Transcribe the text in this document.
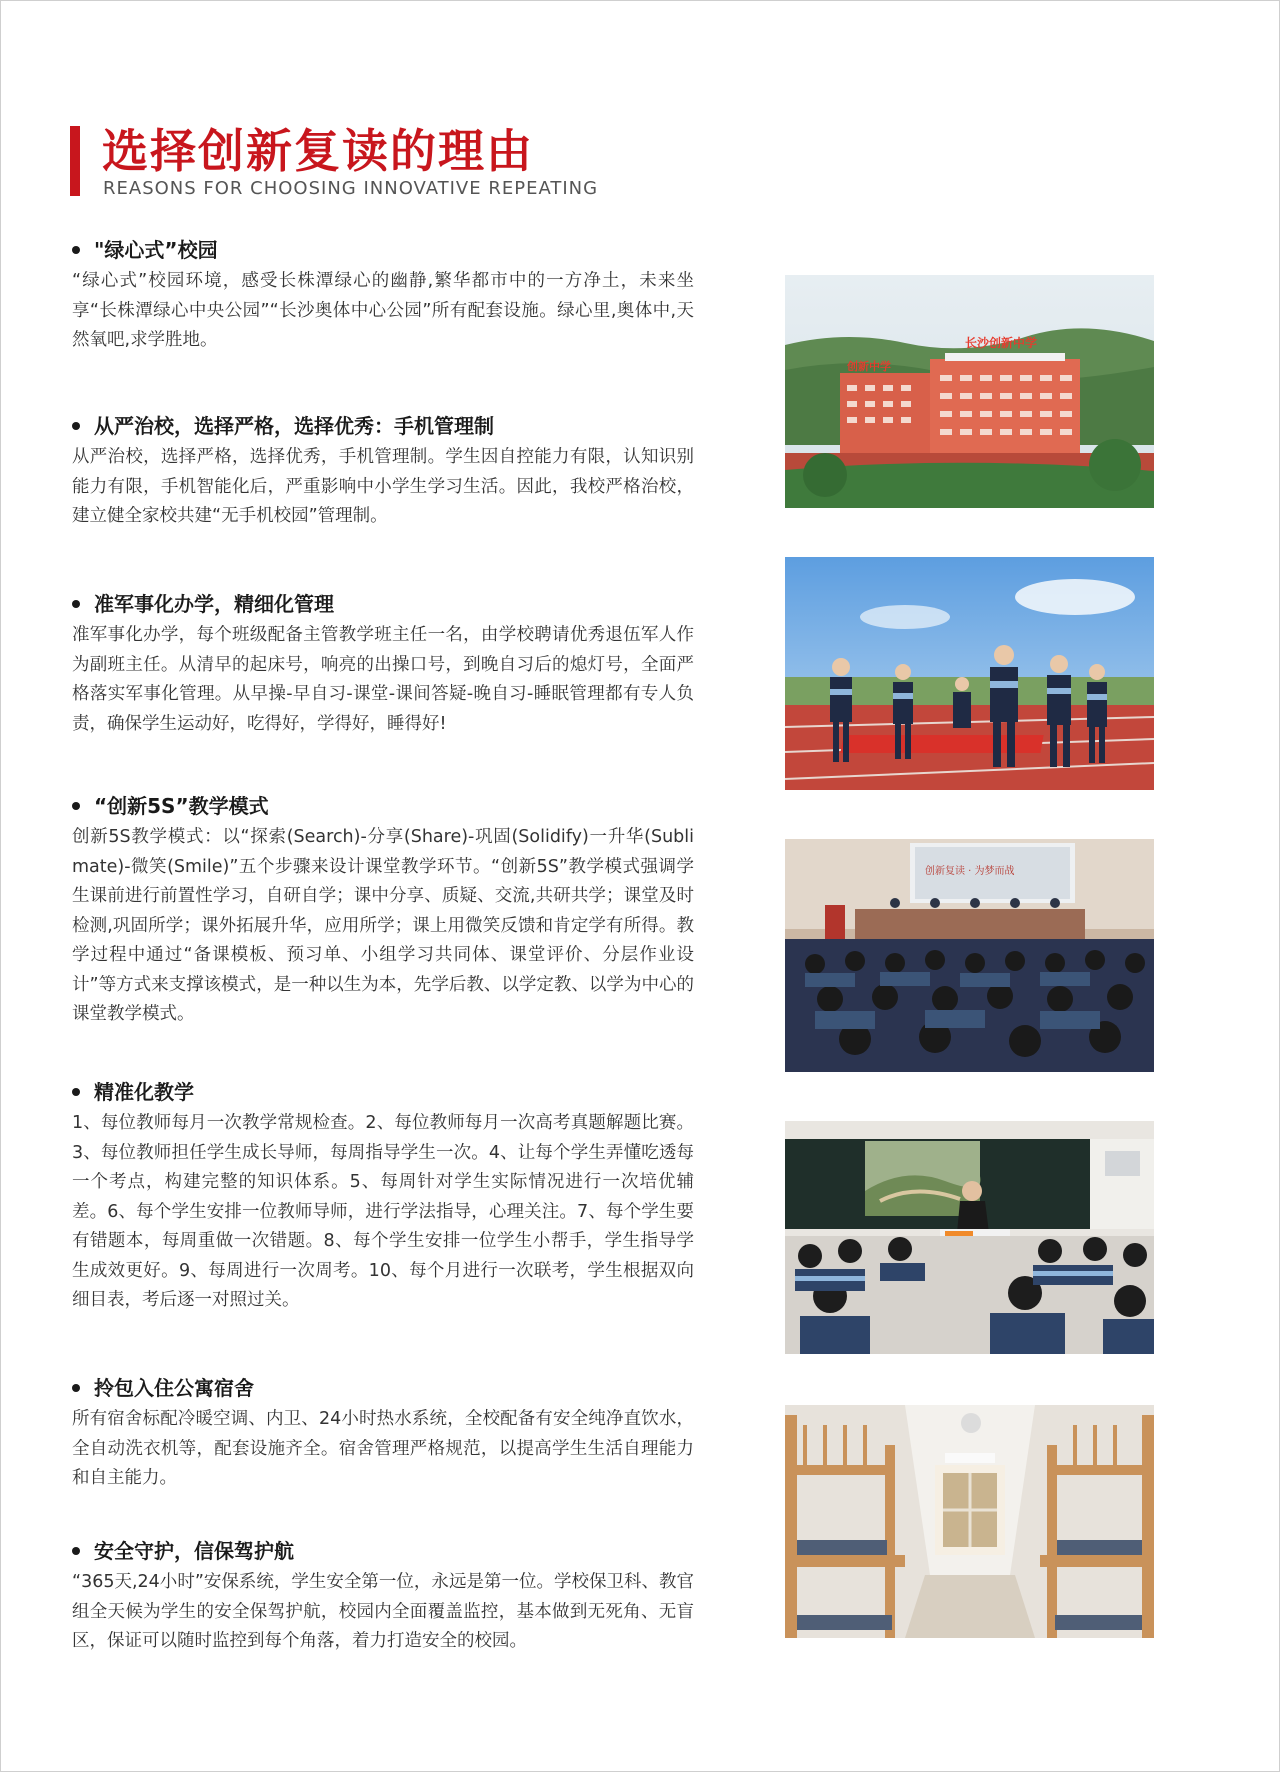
选择创新复读的理由
REASONS FOR CHOOSING INNOVATIVE REPEATING
"绿心式”校园
“绿心式”校园环境，感受长株潭绿心的幽静,繁华都市中的一方净土，未来坐享“长株潭绿心中央公园”“长沙奥体中心公园”所有配套设施。绿心里,奥体中,天然氧吧,求学胜地。
从严治校，选择严格，选择优秀：手机管理制
从严治校，选择严格，选择优秀，手机管理制。学生因自控能力有限，认知识别能力有限，手机智能化后，严重影响中小学生学习生活。因此，我校严格治校，建立健全家校共建“无手机校园”管理制。
准军事化办学，精细化管理
准军事化办学，每个班级配备主管教学班主任一名，由学校聘请优秀退伍军人作为副班主任。从清早的起床号，响亮的出操口号，到晚自习后的熄灯号，全面严格落实军事化管理。从早操-早自习-课堂-课间答疑-晚自习-睡眠管理都有专人负责，确保学生运动好，吃得好，学得好，睡得好!
“创新5S”教学模式
创新5S教学模式：以“探索(Search)-分享(Share)-巩固(Solidify)一升华(Sublimate)-微笑(Smile)”五个步骤来设计课堂教学环节。“创新5S”教学模式强调学生课前进行前置性学习，自研自学；课中分享、质疑、交流,共研共学；课堂及时检测,巩固所学；课外拓展升华，应用所学；课上用微笑反馈和肯定学有所得。教学过程中通过“备课模板、预习单、小组学习共同体、课堂评价、分层作业设计”等方式来支撑该模式，是一种以生为本，先学后教、以学定教、以学为中心的课堂教学模式。
精准化教学
1、每位教师每月一次教学常规检查。2、每位教师每月一次高考真题解题比赛。3、每位教师担任学生成长导师，每周指导学生一次。4、让每个学生弄懂吃透每一个考点，构建完整的知识体系。5、每周针对学生实际情况进行一次培优辅差。6、每个学生安排一位教师导师，进行学法指导，心理关注。7、每个学生要有错题本，每周重做一次错题。8、每个学生安排一位学生小帮手，学生指导学生成效更好。9、每周进行一次周考。10、每个月进行一次联考，学生根据双向细目表，考后逐一对照过关。
拎包入住公寓宿舍
所有宿舍标配冷暖空调、内卫、24小时热水系统，全校配备有安全纯净直饮水，全自动洗衣机等，配套设施齐全。宿舍管理严格规范，以提高学生生活自理能力和自主能力。
安全守护，信保驾护航
“365天,24小时”安保系统，学生安全第一位，永远是第一位。学校保卫科、教官组全天候为学生的安全保驾护航，校园内全面覆盖监控，基本做到无死角、无盲区，保证可以随时监控到每个角落，着力打造安全的校园。
创新中学
长沙创新中学
创新复读 · 为梦而战
